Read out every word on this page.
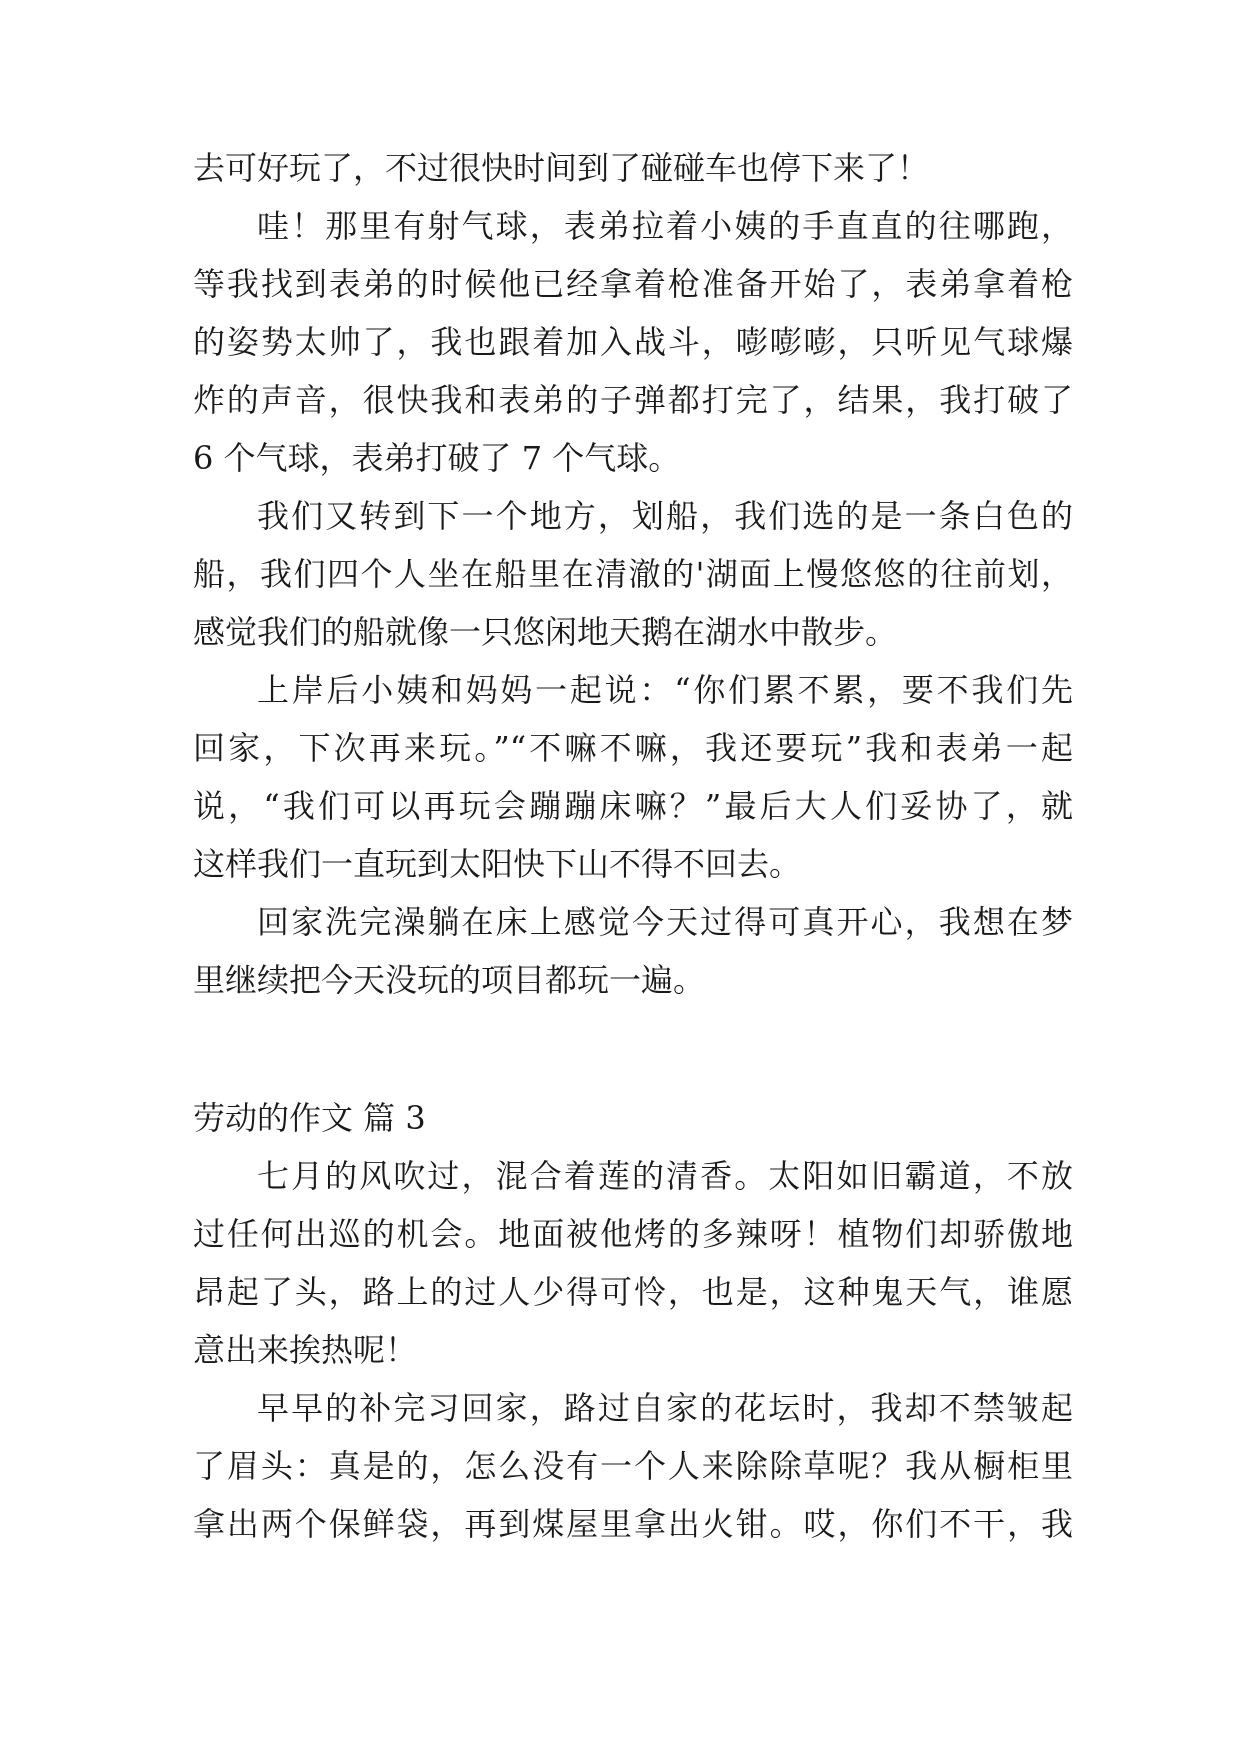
去可好玩了，不过很快时间到了碰碰车也停下来了！
哇！那里有射气球，表弟拉着小姨的手直直的往哪跑，
等我找到表弟的时候他已经拿着枪准备开始了，表弟拿着枪
的姿势太帅了，我也跟着加入战斗，嘭嘭嘭，只听见气球爆
炸的声音，很快我和表弟的子弹都打完了，结果，我打破了
6 个气球，表弟打破了 7 个气球。
我们又转到下一个地方，划船，我们选的是一条白色的
船，我们四个人坐在船里在清澈的'湖面上慢悠悠的往前划，
感觉我们的船就像一只悠闲地天鹅在湖水中散步。
上岸后小姨和妈妈一起说：“你们累不累，要不我们先
回家，下次再来玩。”“不嘛不嘛，我还要玩”我和表弟一起
说，“我们可以再玩会蹦蹦床嘛？”最后大人们妥协了，就
这样我们一直玩到太阳快下山不得不回去。
回家洗完澡躺在床上感觉今天过得可真开心，我想在梦
里继续把今天没玩的项目都玩一遍。
劳动的作文 篇 3
七月的风吹过，混合着莲的清香。太阳如旧霸道，不放
过任何出巡的机会。地面被他烤的多辣呀！植物们却骄傲地
昂起了头，路上的过人少得可怜，也是，这种鬼天气，谁愿
意出来挨热呢！
早早的补完习回家，路过自家的花坛时，我却不禁皱起
了眉头：真是的，怎么没有一个人来除除草呢？我从橱柜里
拿出两个保鲜袋，再到煤屋里拿出火钳。哎，你们不干，我
